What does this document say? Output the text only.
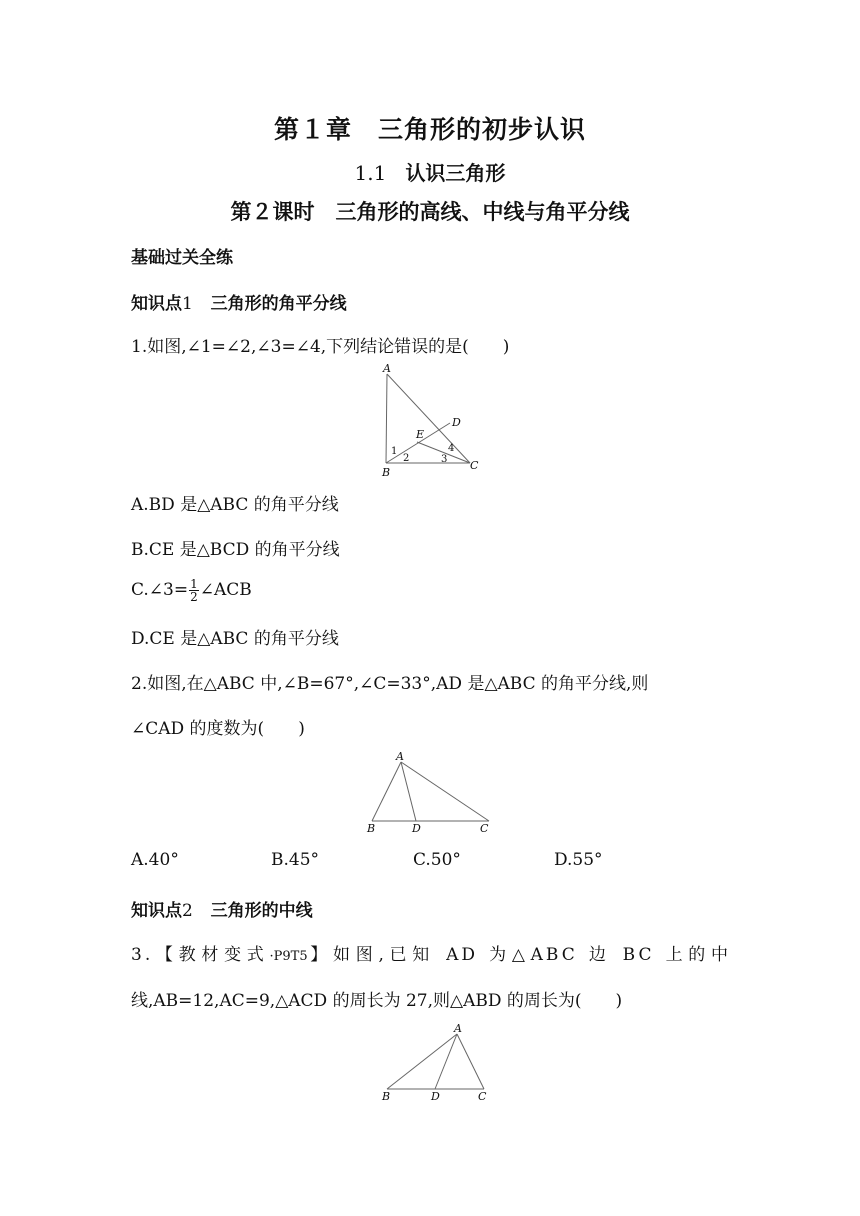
第１章　三角形的初步认识
1.1 认识三角形
第２课时　三角形的高线、中线与角平分线
基础过关全练
知识点1 三角形的角平分线
1.如图,∠1=∠2,∠3=∠4,下列结论错误的是(　　)
A
B
C
D
E
1
2	3
4
A.BD 是△ABC 的角平分线
B.CE 是△BCD 的角平分线
C.∠3= $\frac{1}{2}$ ∠ACB
D.CE 是△ABC 的角平分线
2.如图,在△ABC 中,∠B=67°,∠C=33°,AD 是△ABC 的角平分线,则
∠CAD 的度数为(　　)
A
B	D	C
A.40°	B.45°	C.50°	D.55°
知识点2 三角形的中线
3.【教材变式·P9T5】如图,已知 AD 为△ABC 边 BC 上的中
线,AB=12,AC=9,△ACD 的周长为 27,则△ABD 的周长为(　　)
A
B	D	C
